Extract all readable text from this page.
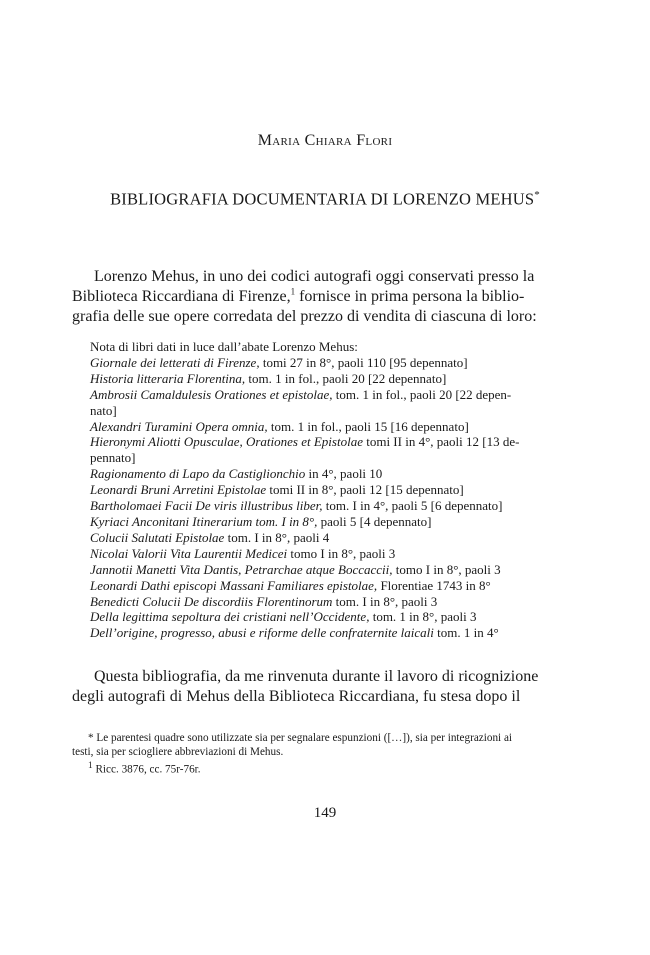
Maria Chiara Flori
BIBLIOGRAFIA DOCUMENTARIA DI LORENZO MEHUS*
Lorenzo Mehus, in uno dei codici autografi oggi conservati presso la
Biblioteca Riccardiana di Firenze,$^1$ fornisce in prima persona la biblio-
grafia delle sue opere corredata del prezzo di vendita di ciascuna di loro:
Nota di libri dati in luce dall’abate Lorenzo Mehus:
Giornale dei letterati di Firenze, tomi 27 in 8°, paoli 110 [95 depennato]
Historia litteraria Florentina, tom. 1 in fol., paoli 20 [22 depennato]
Ambrosii Camaldulesis Orationes et epistolae, tom. 1 in fol., paoli 20 [22 depen-
nato]
Alexandri Turamini Opera omnia, tom. 1 in fol., paoli 15 [16 depennato]
Hieronymi Aliotti Opusculae, Orationes et Epistolae tomi II in 4°, paoli 12 [13 de-
pennato]
Ragionamento di Lapo da Castiglionchio in 4°, paoli 10
Leonardi Bruni Arretini Epistolae tomi II in 8°, paoli 12 [15 depennato]
Bartholomaei Facii De viris illustribus liber, tom. I in 4°, paoli 5 [6 depennato]
Kyriaci Anconitani Itinerarium tom. I in 8°, paoli 5 [4 depennato]
Colucii Salutati Epistolae tom. I in 8°, paoli 4
Nicolai Valorii Vita Laurentii Medicei tomo I in 8°, paoli 3
Jannotii Manetti Vita Dantis, Petrarchae atque Boccaccii, tomo I in 8°, paoli 3
Leonardi Dathi episcopi Massani Familiares epistolae, Florentiae 1743 in 8°
Benedicti Colucii De discordiis Florentinorum tom. I in 8°, paoli 3
Della legittima sepoltura dei cristiani nell’Occidente, tom. 1 in 8°, paoli 3
Dell’origine, progresso, abusi e riforme delle confraternite laicali tom. 1 in 4°
Questa bibliografia, da me rinvenuta durante il lavoro di ricognizione
degli autografi di Mehus della Biblioteca Riccardiana, fu stesa dopo il
* Le parentesi quadre sono utilizzate sia per segnalare espunzioni ([…]), sia per integrazioni ai
testi, sia per sciogliere abbreviazioni di Mehus.
$^1$ Ricc. 3876, cc. 75r-76r.
149
